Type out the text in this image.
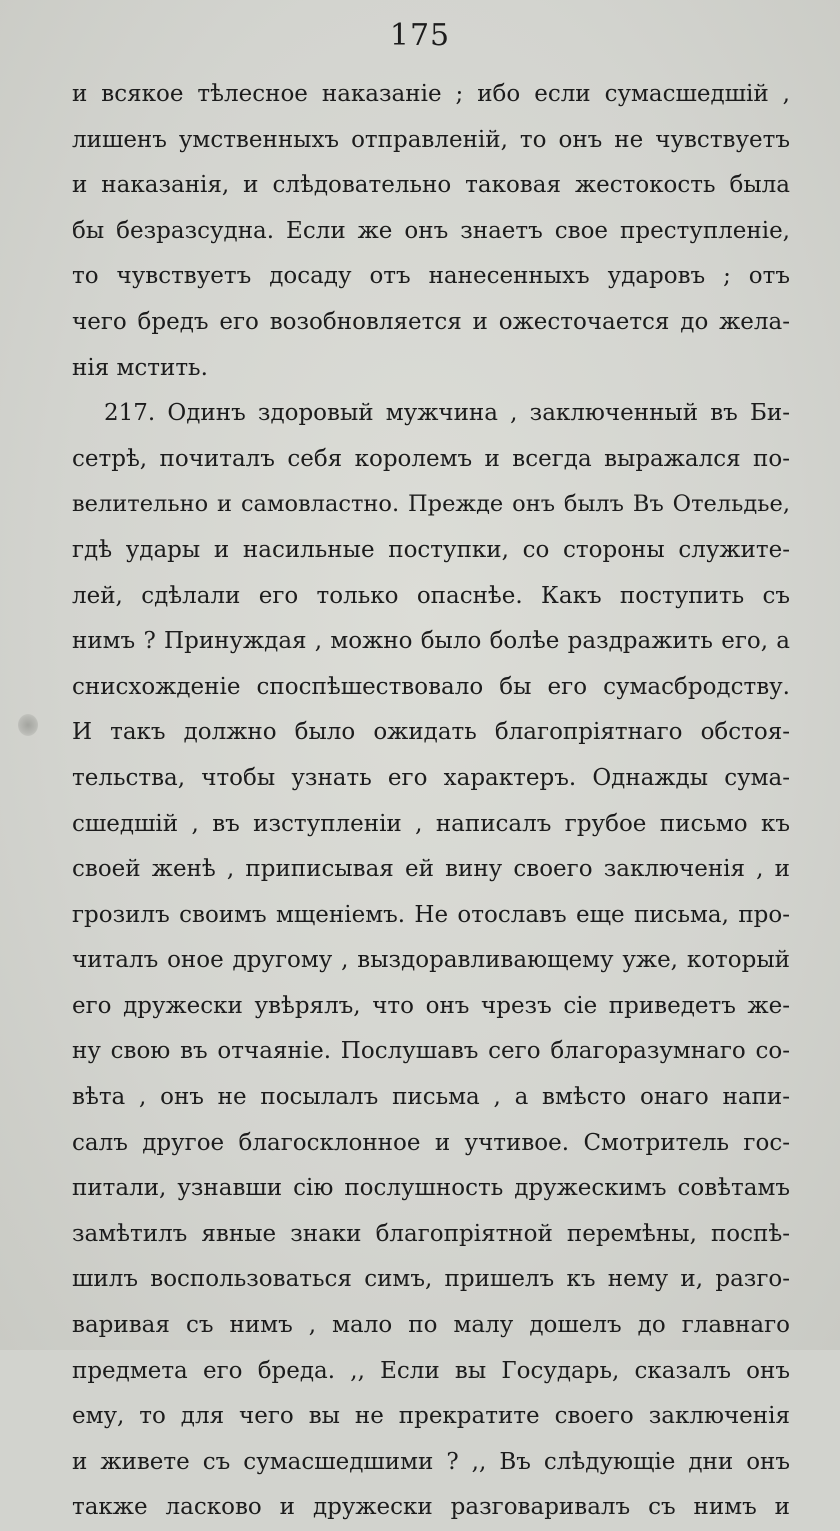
175
и всякое тѣлесное наказаніе ; ибо если сумасшедшій ,
лишенъ умственныхъ отправленій, то онъ не чувствуетъ
и наказанія, и слѣдовательно таковая жестокость была
бы безразсудна. Если же онъ знаетъ свое преступленіе,
то чувствуетъ досаду отъ нанесенныхъ ударовъ ; отъ
чего бредъ его возобновляется и ожесточается до жела-
нія мстить.
217. Одинъ здоровый мужчина , заключенный въ Би-
сетрѣ, почиталъ себя королемъ и всегда выражался по-
велительно и самовластно. Прежде онъ былъ Въ Отельдье,
гдѣ удары и насильные поступки, со стороны служите-
лей, сдѣлали его только опаснѣе. Какъ поступить съ
нимъ ? Принуждая , можно было болѣе раздражить его, а
снисхожденіе споспѣшествовало бы его сумасбродству.
И такъ должно было ожидать благопріятнаго обстоя-
тельства, чтобы узнать его характеръ. Однажды сума-
сшедшій , въ изступленіи , написалъ грубое письмо къ
своей женѣ , приписывая ей вину своего заключенія , и
грозилъ своимъ мщеніемъ. Не отославъ еще письма, про-
читалъ оное другому , выздоравливающему уже, который
его дружески увѣрялъ, что онъ чрезъ сіе приведетъ же-
ну свою въ отчаяніе. Послушавъ сего благоразумнаго со-
вѣта , онъ не посылалъ письма , а вмѣсто онаго напи-
салъ другое благосклонное и учтивое. Смотритель гос-
питали, узнавши сію послушность дружескимъ совѣтамъ
замѣтилъ явные знаки благопріятной перемѣны, поспѣ-
шилъ воспользоваться симъ, пришелъ къ нему и, разго-
варивая съ нимъ , мало по малу дошелъ до главнаго
предмета его бреда. ,, Если вы Государь, сказалъ онъ
ему, то для чего вы не прекратите своего заключенія
и живете съ сумасшедшими ? ,, Въ слѣдующіе дни онъ
также ласково и дружески разговаривалъ съ нимъ и
